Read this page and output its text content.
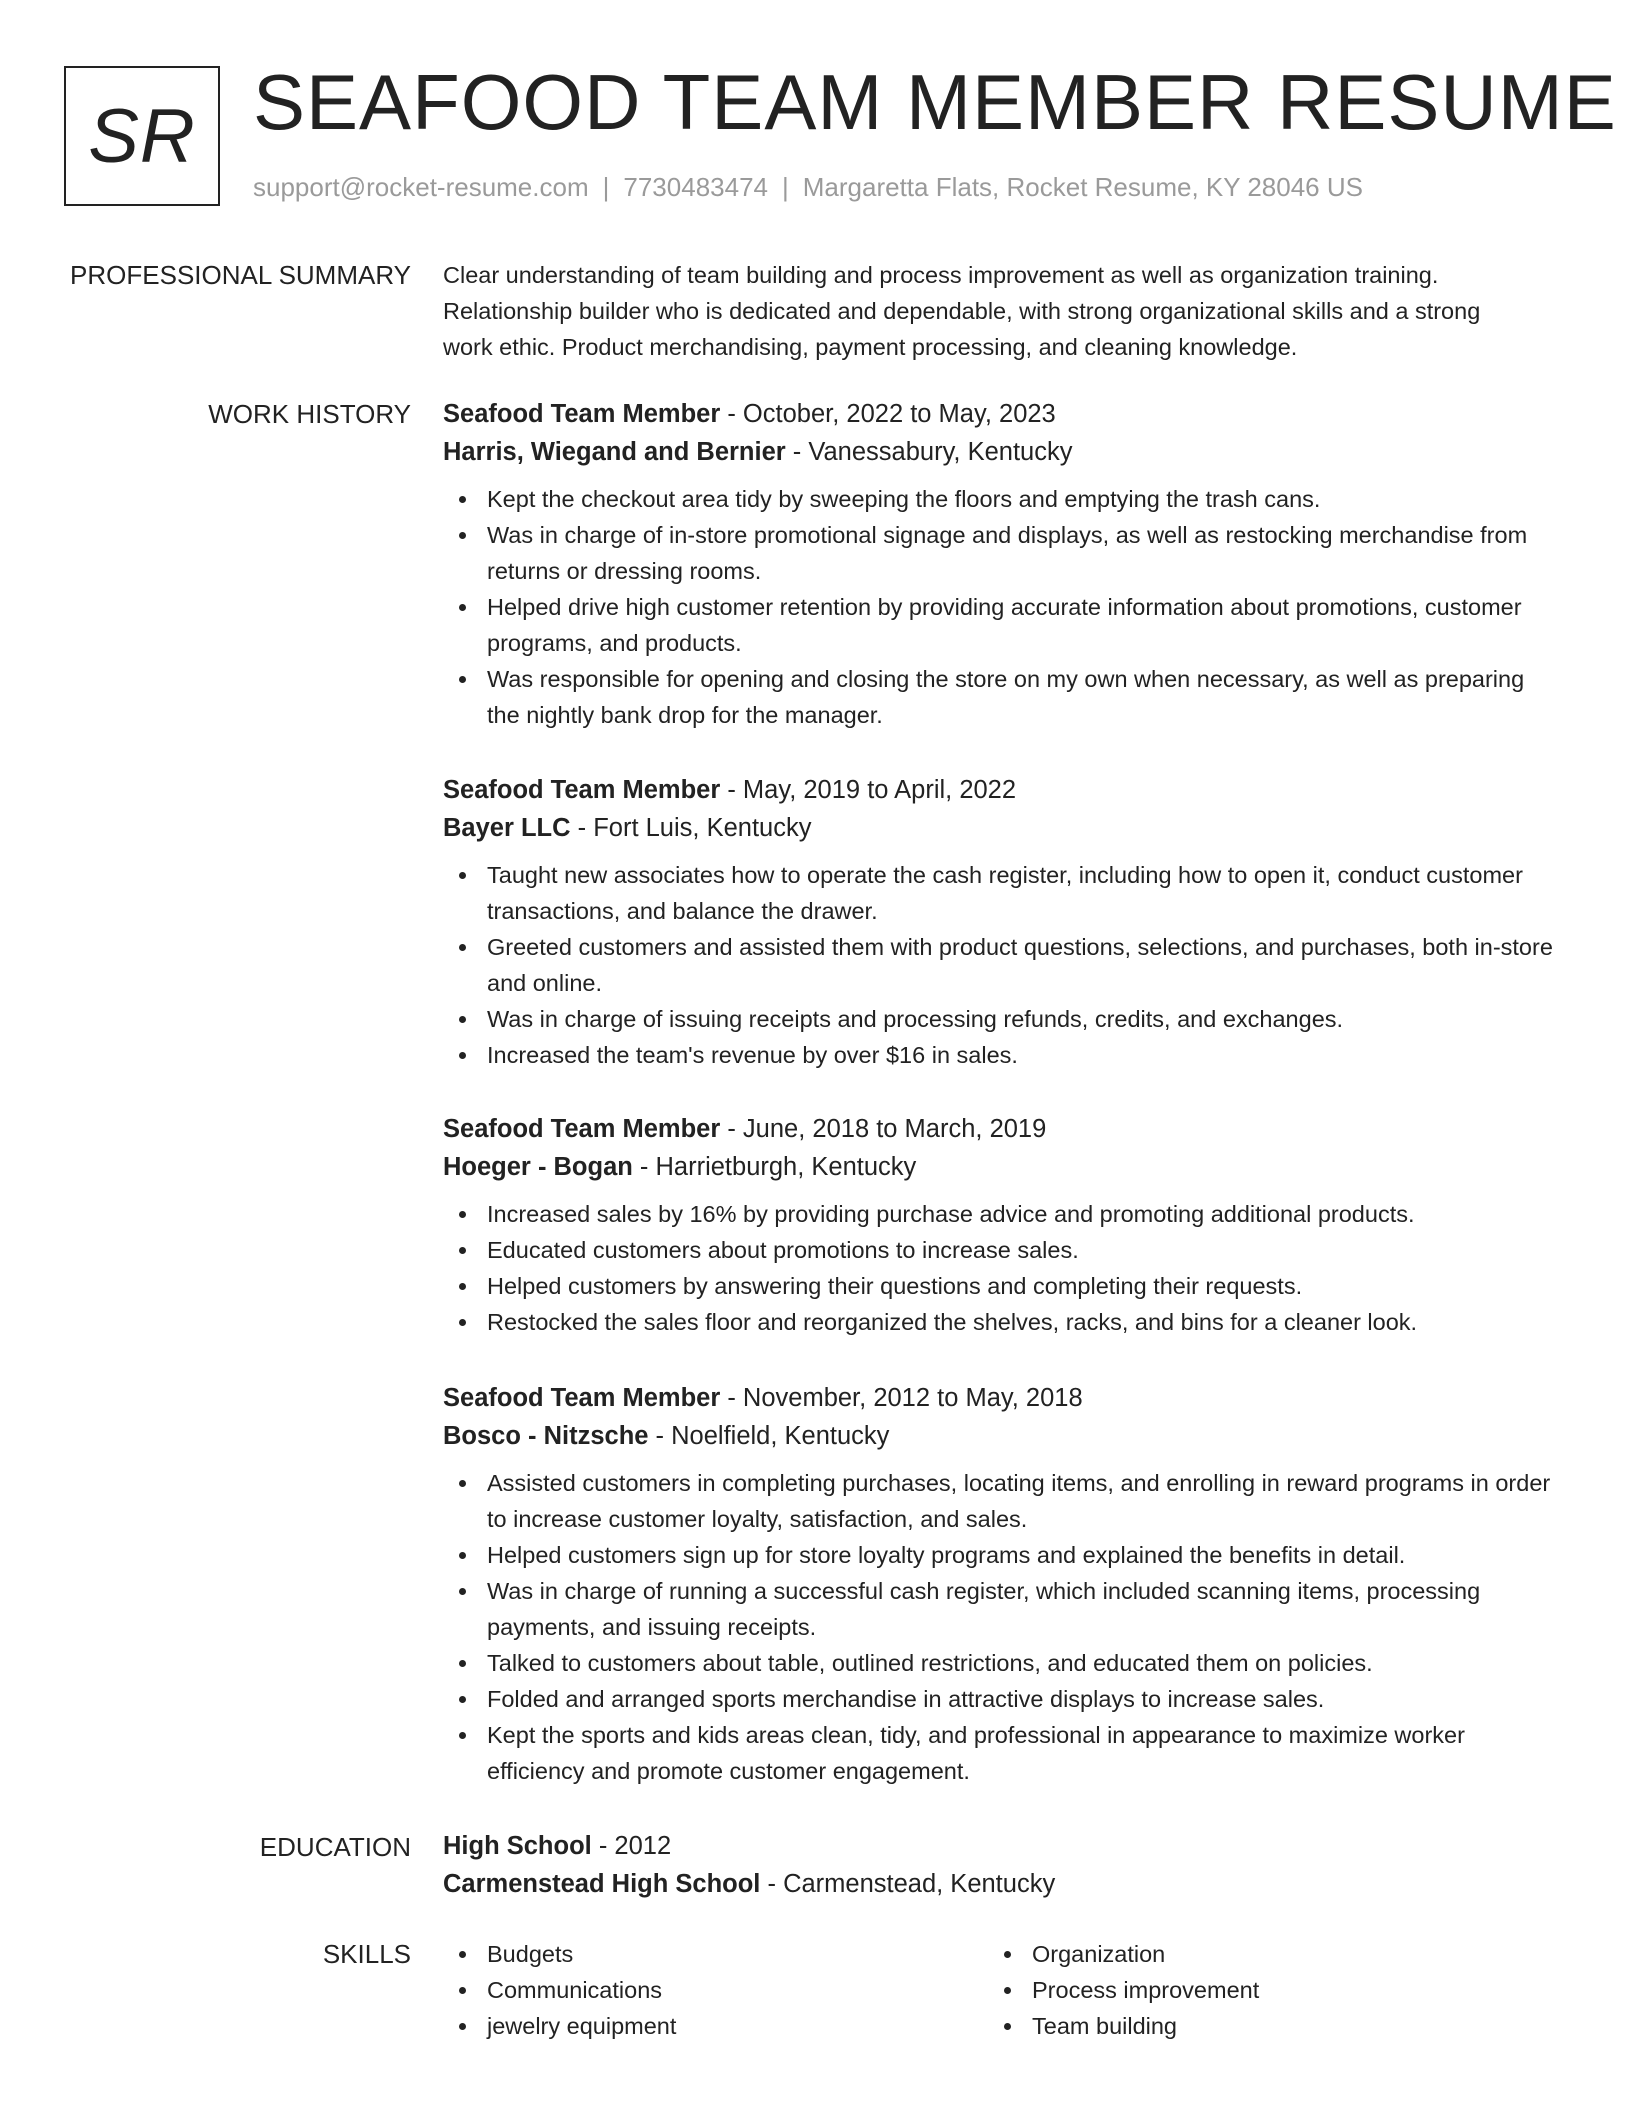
SR SEAFOOD TEAM MEMBER RESUME
support@rocket-resume.com | 7730483474 | Margaretta Flats, Rocket Resume, KY 28046 US
PROFESSIONAL SUMMARY Clear understanding of team building and process improvement as well as organization training.

Relationship builder who is dedicated and dependable, with strong organizational skills and a strong

work ethic. Product merchandising, payment processing, and cleaning knowledge.

WORK HISTORY Seafood Team Member - October, 2022 to May, 2023
Harris, Wiegand and Bernier - Vanessabury, Kentucky
Kept the checkout area tidy by sweeping the floors and emptying the trash cans.
Was in charge of in-store promotional signage and displays, as well as restocking merchandise from returns or dressing rooms.
Helped drive high customer retention by providing accurate information about promotions, customer programs, and products.
Was responsible for opening and closing the store on my own when necessary, as well as preparing the nightly bank drop for the manager.
Seafood Team Member - May, 2019 to April, 2022
Bayer LLC - Fort Luis, Kentucky
Taught new associates how to operate the cash register, including how to open it, conduct customer transactions, and balance the drawer.
Greeted customers and assisted them with product questions, selections, and purchases, both in-store and online.
Was in charge of issuing receipts and processing refunds, credits, and exchanges.
Increased the team's revenue by over $16 in sales.
Seafood Team Member - June, 2018 to March, 2019
Hoeger - Bogan - Harrietburgh, Kentucky
Increased sales by 16% by providing purchase advice and promoting additional products.
Educated customers about promotions to increase sales.
Helped customers by answering their questions and completing their requests.
Restocked the sales floor and reorganized the shelves, racks, and bins for a cleaner look.
Seafood Team Member - November, 2012 to May, 2018
Bosco - Nitzsche - Noelfield, Kentucky
Assisted customers in completing purchases, locating items, and enrolling in reward programs in order to increase customer loyalty, satisfaction, and sales.
Helped customers sign up for store loyalty programs and explained the benefits in detail.
Was in charge of running a successful cash register, which included scanning items, processing payments, and issuing receipts.
Talked to customers about table, outlined restrictions, and educated them on policies.
Folded and arranged sports merchandise in attractive displays to increase sales.
Kept the sports and kids areas clean, tidy, and professional in appearance to maximize worker efficiency and promote customer engagement.
EDUCATION High School - 2012
Carmenstead High School - Carmenstead, Kentucky
SKILLS	Budgets
Communications
jewelry equipment
Organization
Process improvement
Team building
